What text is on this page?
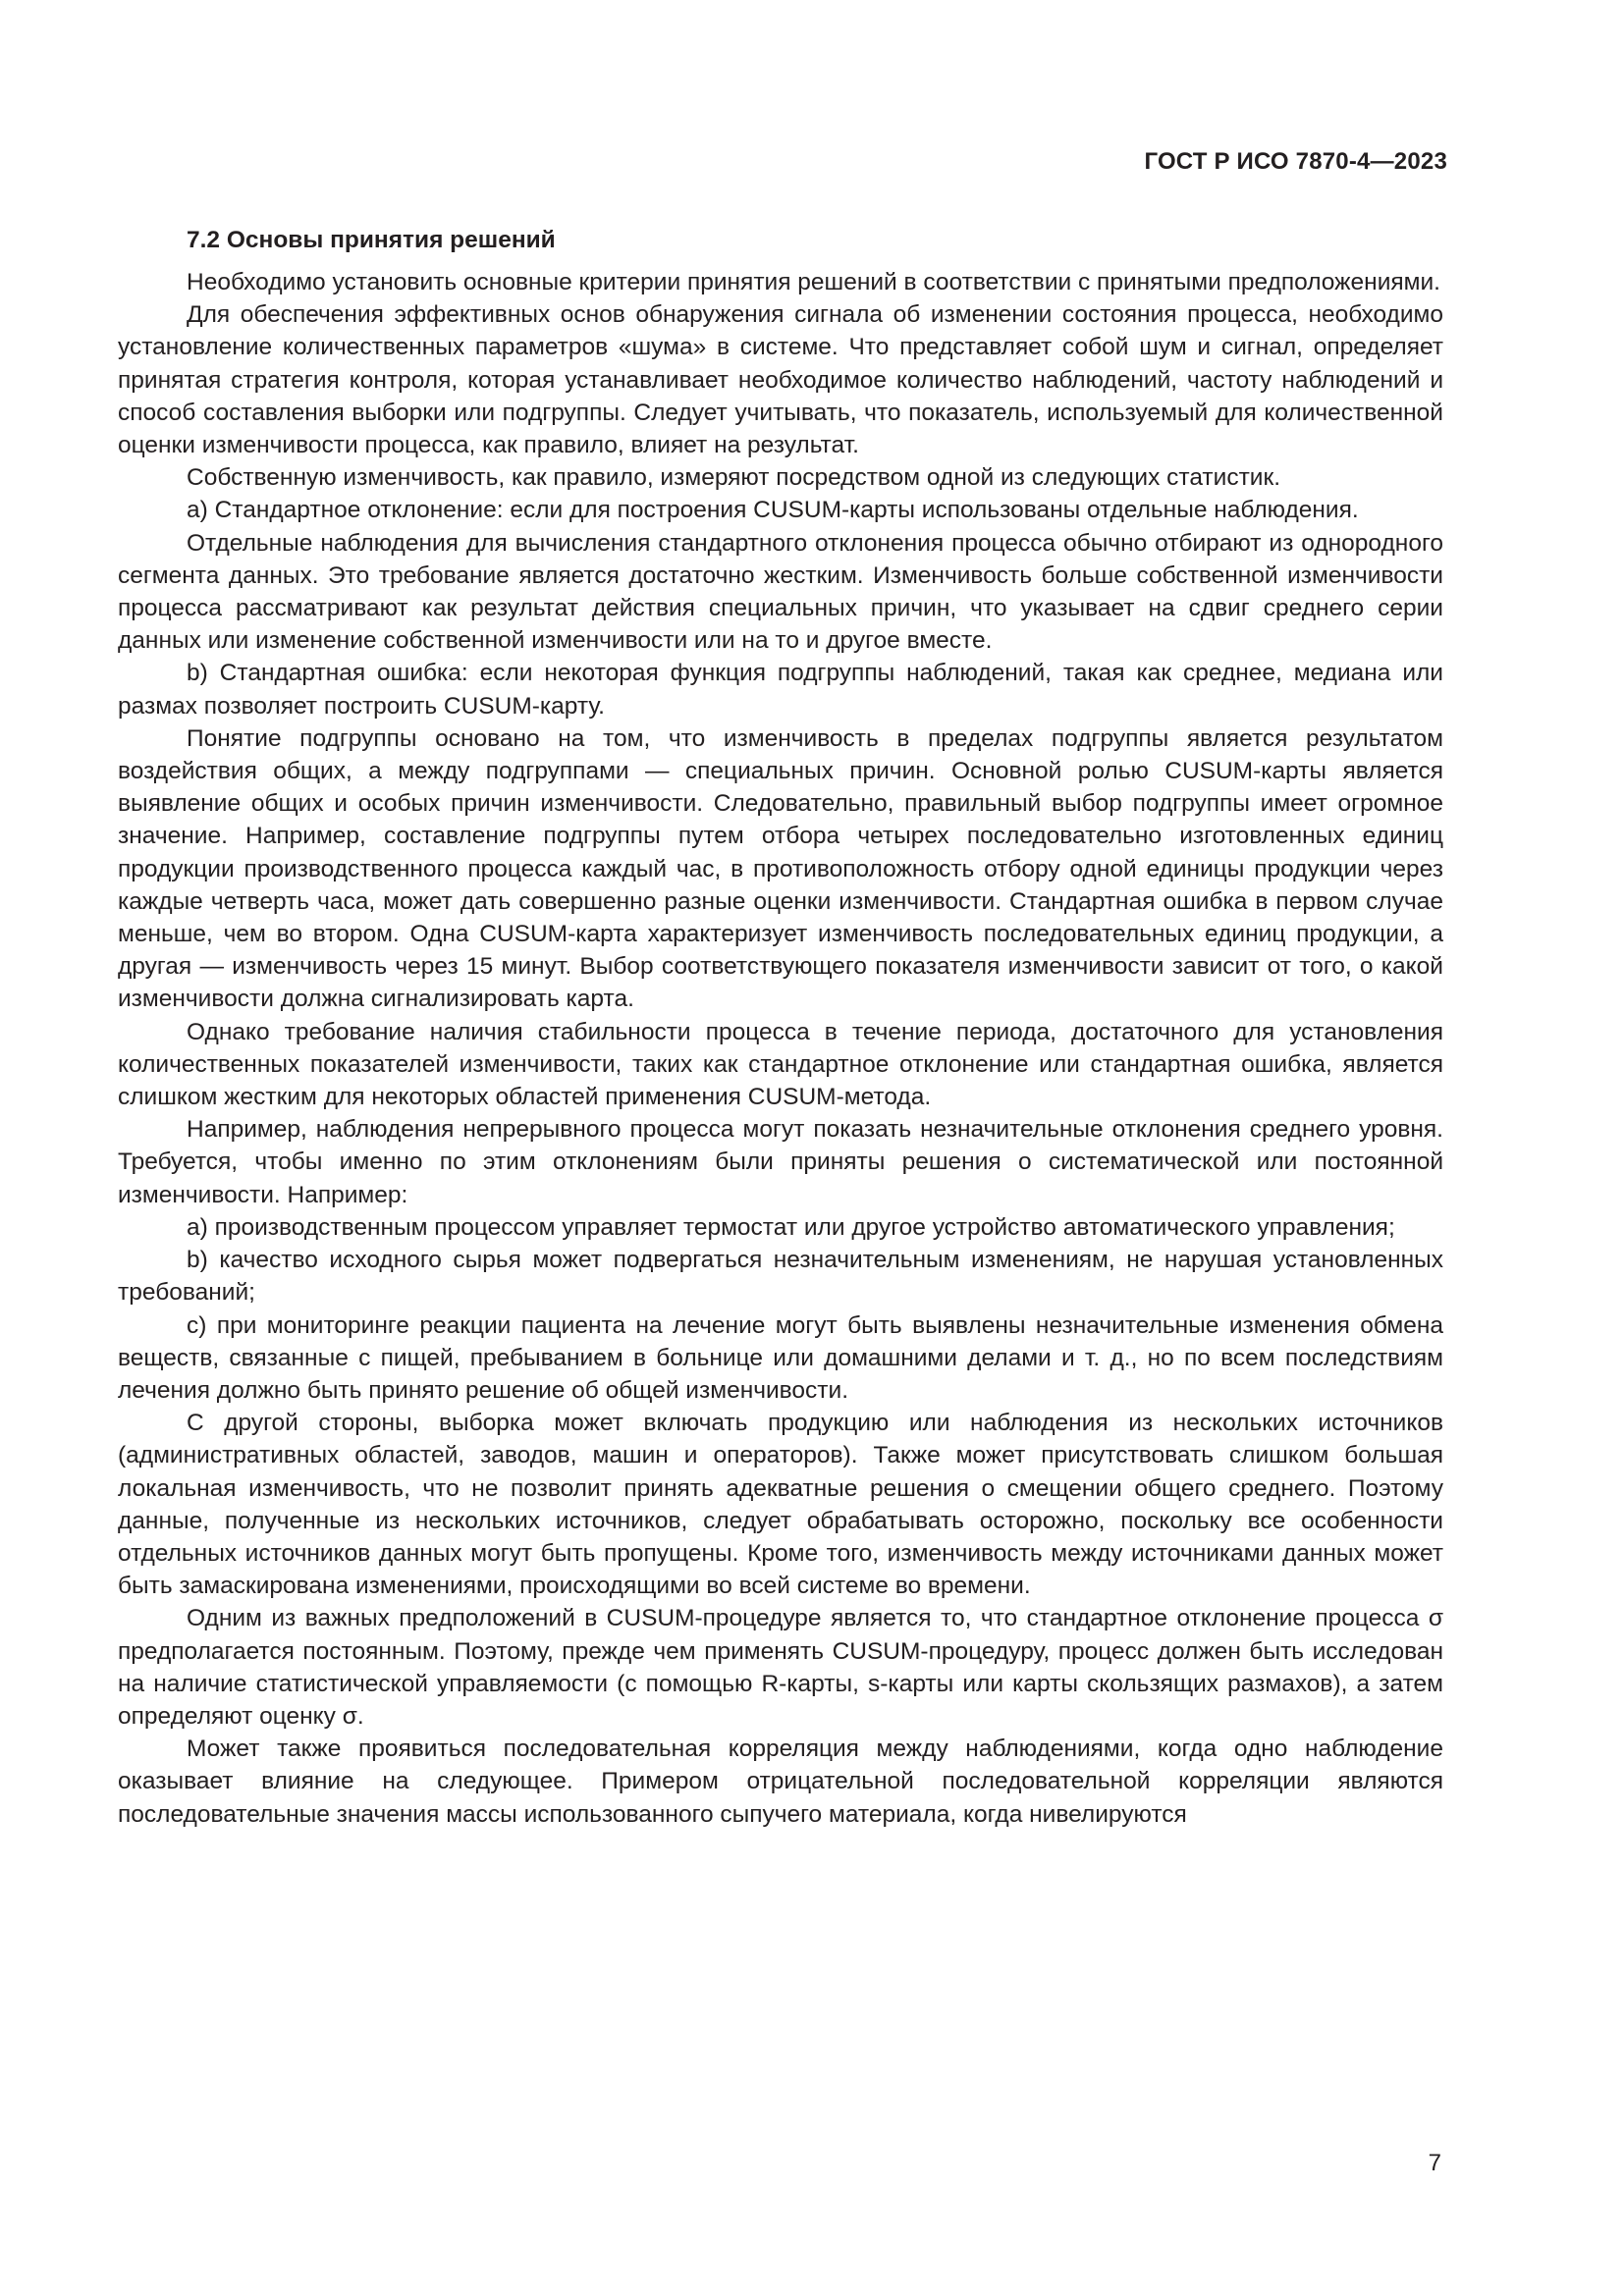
ГОСТ Р ИСО 7870-4—2023
7.2 Основы принятия решений

Необходимо установить основные критерии принятия решений в соответствии с принятыми предположениями.

Для обеспечения эффективных основ обнаружения сигнала об изменении состояния процесса, необходимо установление количественных параметров «шума» в системе. Что представляет собой шум и сигнал, определяет принятая стратегия контроля, которая устанавливает необходимое количество наблюдений, частоту наблюдений и способ составления выборки или подгруппы. Следует учитывать, что показатель, используемый для количественной оценки изменчивости процесса, как правило, влияет на результат.

Собственную изменчивость, как правило, измеряют посредством одной из следующих статистик.

a) Стандартное отклонение: если для построения CUSUM-карты использованы отдельные наблюдения.

Отдельные наблюдения для вычисления стандартного отклонения процесса обычно отбирают из однородного сегмента данных. Это требование является достаточно жестким. Изменчивость больше собственной изменчивости процесса рассматривают как результат действия специальных причин, что указывает на сдвиг среднего серии данных или изменение собственной изменчивости или на то и другое вместе.

b) Стандартная ошибка: если некоторая функция подгруппы наблюдений, такая как среднее, медиана или размах позволяет построить CUSUM-карту.

Понятие подгруппы основано на том, что изменчивость в пределах подгруппы является результатом воздействия общих, а между подгруппами — специальных причин. Основной ролью CUSUM-карты является выявление общих и особых причин изменчивости. Следовательно, правильный выбор подгруппы имеет огромное значение. Например, составление подгруппы путем отбора четырех последовательно изготовленных единиц продукции производственного процесса каждый час, в противоположность отбору одной единицы продукции через каждые четверть часа, может дать совершенно разные оценки изменчивости. Стандартная ошибка в первом случае меньше, чем во втором. Одна CUSUM-карта характеризует изменчивость последовательных единиц продукции, а другая — изменчивость через 15 минут. Выбор соответствующего показателя изменчивости зависит от того, о какой изменчивости должна сигнализировать карта.

Однако требование наличия стабильности процесса в течение периода, достаточного для установления количественных показателей изменчивости, таких как стандартное отклонение или стандартная ошибка, является слишком жестким для некоторых областей применения CUSUM-метода.

Например, наблюдения непрерывного процесса могут показать незначительные отклонения среднего уровня. Требуется, чтобы именно по этим отклонениям были приняты решения о систематической или постоянной изменчивости. Например:

a) производственным процессом управляет термостат или другое устройство автоматического управления;

b) качество исходного сырья может подвергаться незначительным изменениям, не нарушая установленных требований;

c) при мониторинге реакции пациента на лечение могут быть выявлены незначительные изменения обмена веществ, связанные с пищей, пребыванием в больнице или домашними делами и т. д., но по всем последствиям лечения должно быть принято решение об общей изменчивости.

С другой стороны, выборка может включать продукцию или наблюдения из нескольких источников (административных областей, заводов, машин и операторов). Также может присутствовать слишком большая локальная изменчивость, что не позволит принять адекватные решения о смещении общего среднего. Поэтому данные, полученные из нескольких источников, следует обрабатывать осторожно, поскольку все особенности отдельных источников данных могут быть пропущены. Кроме того, изменчивость между источниками данных может быть замаскирована изменениями, происходящими во всей системе во времени.

Одним из важных предположений в CUSUM-процедуре является то, что стандартное отклонение процесса σ предполагается постоянным. Поэтому, прежде чем применять CUSUM-процедуру, процесс должен быть исследован на наличие статистической управляемости (с помощью R-карты, s-карты или карты скользящих размахов), а затем определяют оценку σ.

Может также проявиться последовательная корреляция между наблюдениями, когда одно наблюдение оказывает влияние на следующее. Примером отрицательной последовательной корреляции являются последовательные значения массы использованного сыпучего материала, когда нивелируются

7
